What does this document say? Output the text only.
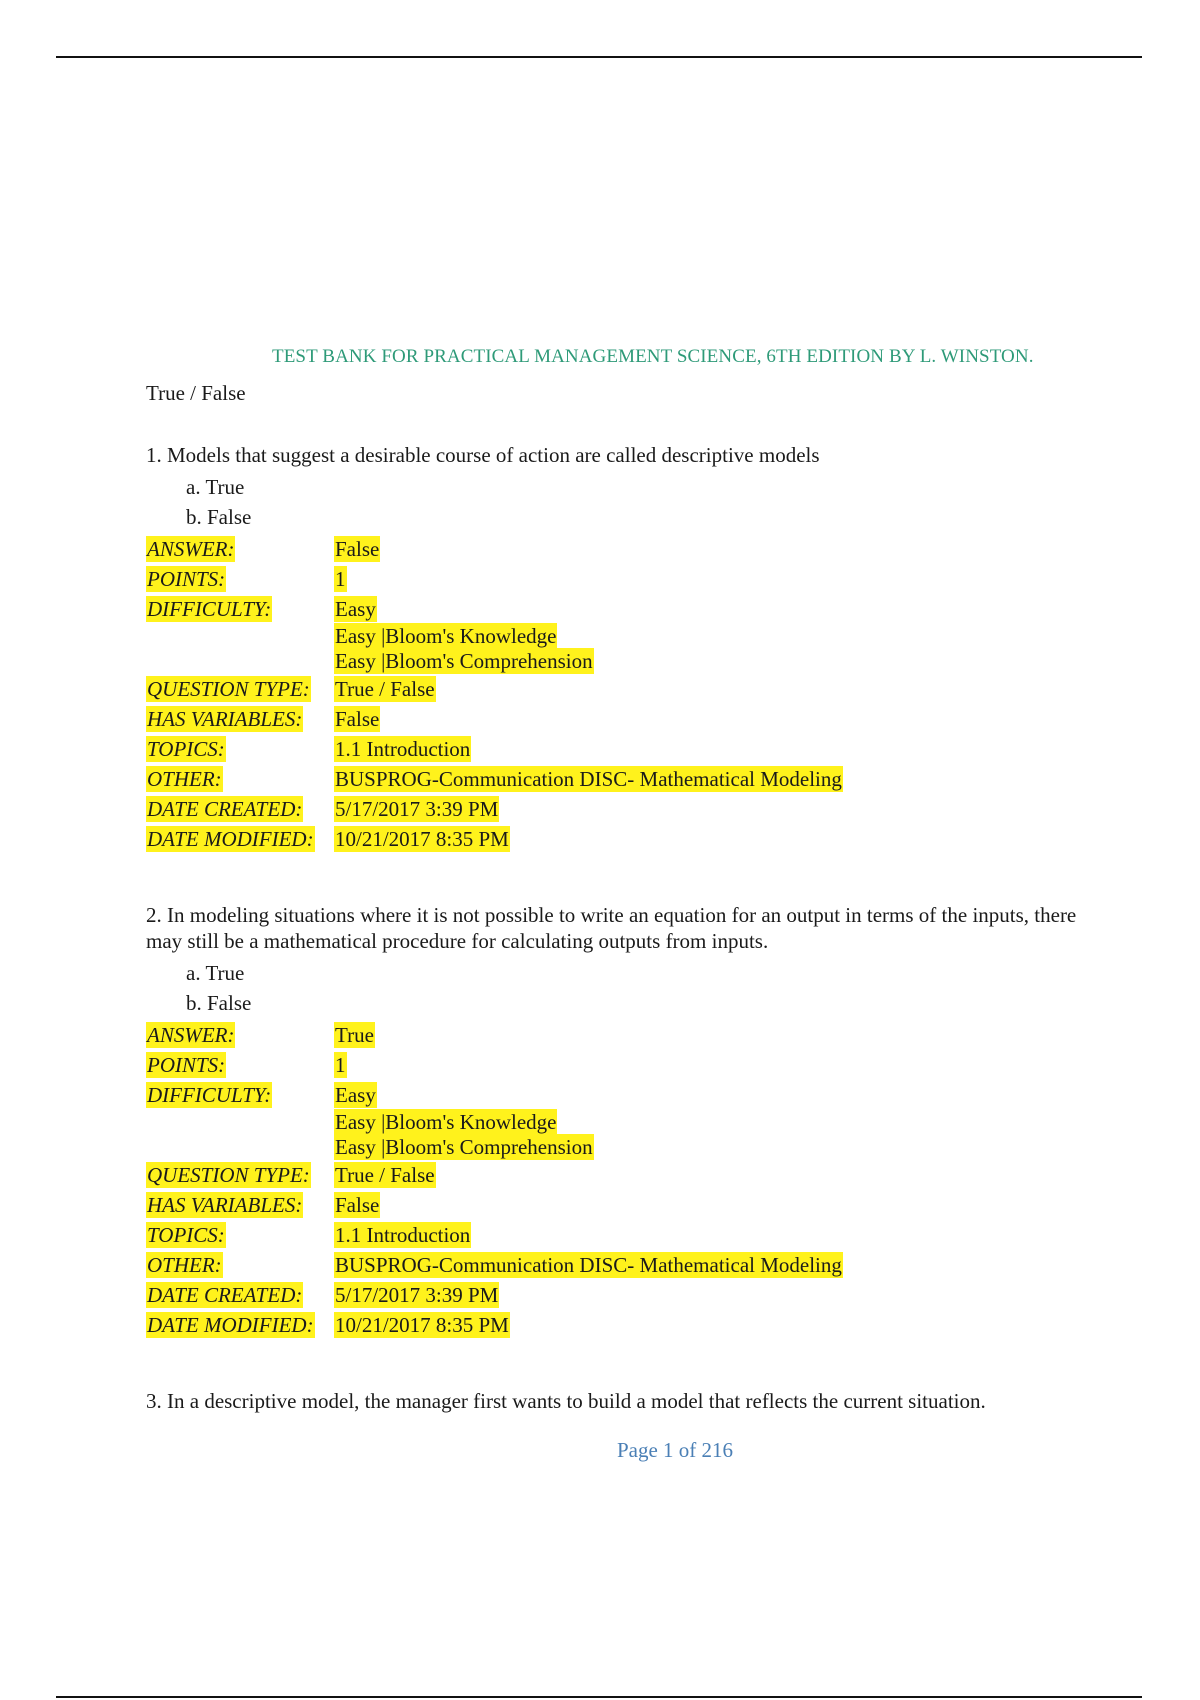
TEST BANK FOR PRACTICAL MANAGEMENT SCIENCE, 6TH EDITION BY L. WINSTON.
True / False

1. Models that suggest a desirable course of action are called descriptive models

a. True
b. False
ANSWER:	False
POINTS:	1
DIFFICULTY:	Easy
Easy |Bloom's Knowledge
Easy |Bloom's Comprehension
QUESTION TYPE:	True / False
HAS VARIABLES:	False
TOPICS:	1.1 Introduction
OTHER:	BUSPROG-Communication DISC- Mathematical Modeling
DATE CREATED:	5/17/2017 3:39 PM
DATE MODIFIED:	10/21/2017 8:35 PM

2. In modeling situations where it is not possible to write an equation for an output in terms of the inputs, there may still be a mathematical procedure for calculating outputs from inputs.

a. True
b. False
ANSWER:	True
POINTS:	1
DIFFICULTY:	Easy
Easy |Bloom's Knowledge
Easy |Bloom's Comprehension
QUESTION TYPE:	True / False
HAS VARIABLES:	False
TOPICS:	1.1 Introduction
OTHER:	BUSPROG-Communication DISC- Mathematical Modeling
DATE CREATED:	5/17/2017 3:39 PM
DATE MODIFIED:	10/21/2017 8:35 PM
3. In a descriptive model, the manager first wants to build a model that reflects the current situation.
Page 1 of 216
